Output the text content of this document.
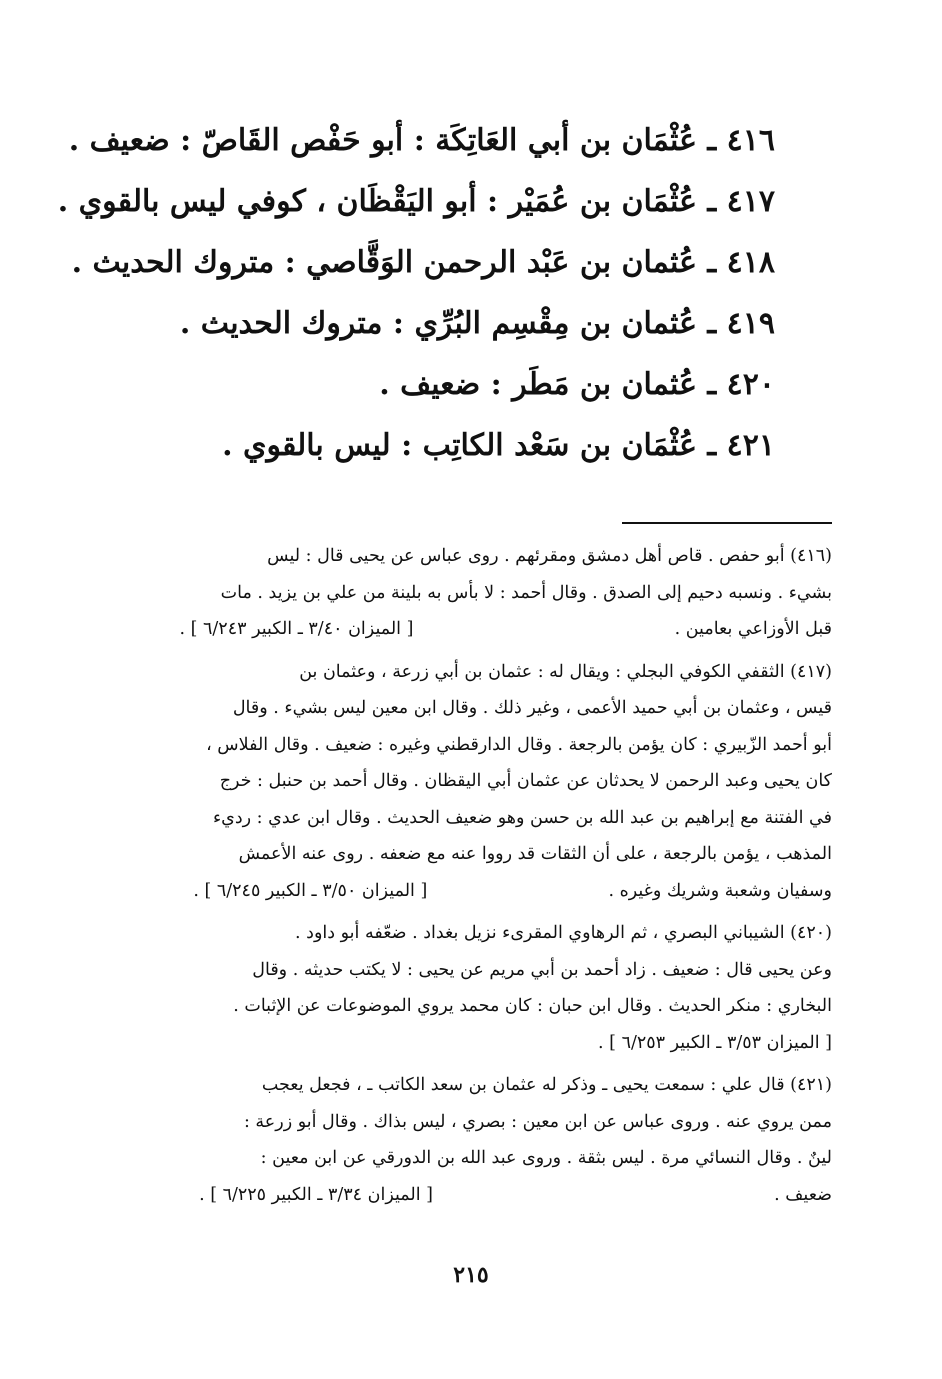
٤١٦ ـ عُثْمَان بن أبي العَاتِكَة : أبو حَفْص القَاصّ : ضعيف .
٤١٧ ـ عُثْمَان بن عُمَيْر : أبو اليَقْظَان ، كوفي ليس بالقوي .
٤١٨ ـ عُثمان بن عَبْد الرحمن الوَقَّاصي : متروك الحديث .
٤١٩ ـ عُثمان بن مِقْسِم البُرِّي : متروك الحديث .
٤٢٠ ـ عُثمان بن مَطَر : ضعيف .
٤٢١ ـ عُثْمَان بن سَعْد الكاتِب : ليس بالقوي .
(٤١٦) أبو حفص . قاص أهل دمشق ومقرئهم . روى عباس عن يحيى قال : ليس
بشيء . ونسبه دحيم إلى الصدق . وقال أحمد : لا بأس به بلينة من علي بن يزيد . مات
قبل الأوزاعي بعامين .  [ الميزان ٣/٤٠ ـ الكبير ٦/٢٤٣ ] .
(٤١٧) الثقفي الكوفي البجلي : ويقال له : عثمان بن أبي زرعة ، وعثمان بن
قيس ، وعثمان بن أبي حميد الأعمى ، وغير ذلك . وقال ابن معين ليس بشيء . وقال
أبو أحمد الزّبيري : كان يؤمن بالرجعة . وقال الدارقطني وغيره : ضعيف . وقال الفلاس ،
كان يحيى وعبد الرحمن لا يحدثان عن عثمان أبي اليقظان . وقال أحمد بن حنبل : خرج
في الفتنة مع إبراهيم بن عبد الله بن حسن وهو ضعيف الحديث . وقال ابن عدي : رديء
المذهب ، يؤمن بالرجعة ، على أن الثقات قد رووا عنه مع ضعفه . روى عنه الأعمش
وسفيان وشعبة وشريك وغيره .  [ الميزان ٣/٥٠ ـ الكبير ٦/٢٤٥ ] .
(٤٢٠) الشيباني البصري ، ثم الرهاوي المقرىء نزيل بغداد . ضعّفه أبو داود .
وعن يحيى قال : ضعيف . زاد أحمد بن أبي مريم عن يحيى : لا يكتب حديثه . وقال
البخاري : منكر الحديث . وقال ابن حبان : كان محمد يروي الموضوعات عن الإثبات .
[ الميزان ٣/٥٣ ـ الكبير ٦/٢٥٣ ] .
(٤٢١) قال علي : سمعت يحيى ـ وذكر له عثمان بن سعد الكاتب ـ ، فجعل يعجب
ممن يروي عنه . وروى عباس عن ابن معين : بصري ، ليس بذاك . وقال أبو زرعة :
لينٌ . وقال النسائي مرة . ليس بثقة . وروى عبد الله بن الدورقي عن ابن معين :
ضعيف .  [ الميزان ٣/٣٤ ـ الكبير ٦/٢٢٥ ] .
٢١٥
